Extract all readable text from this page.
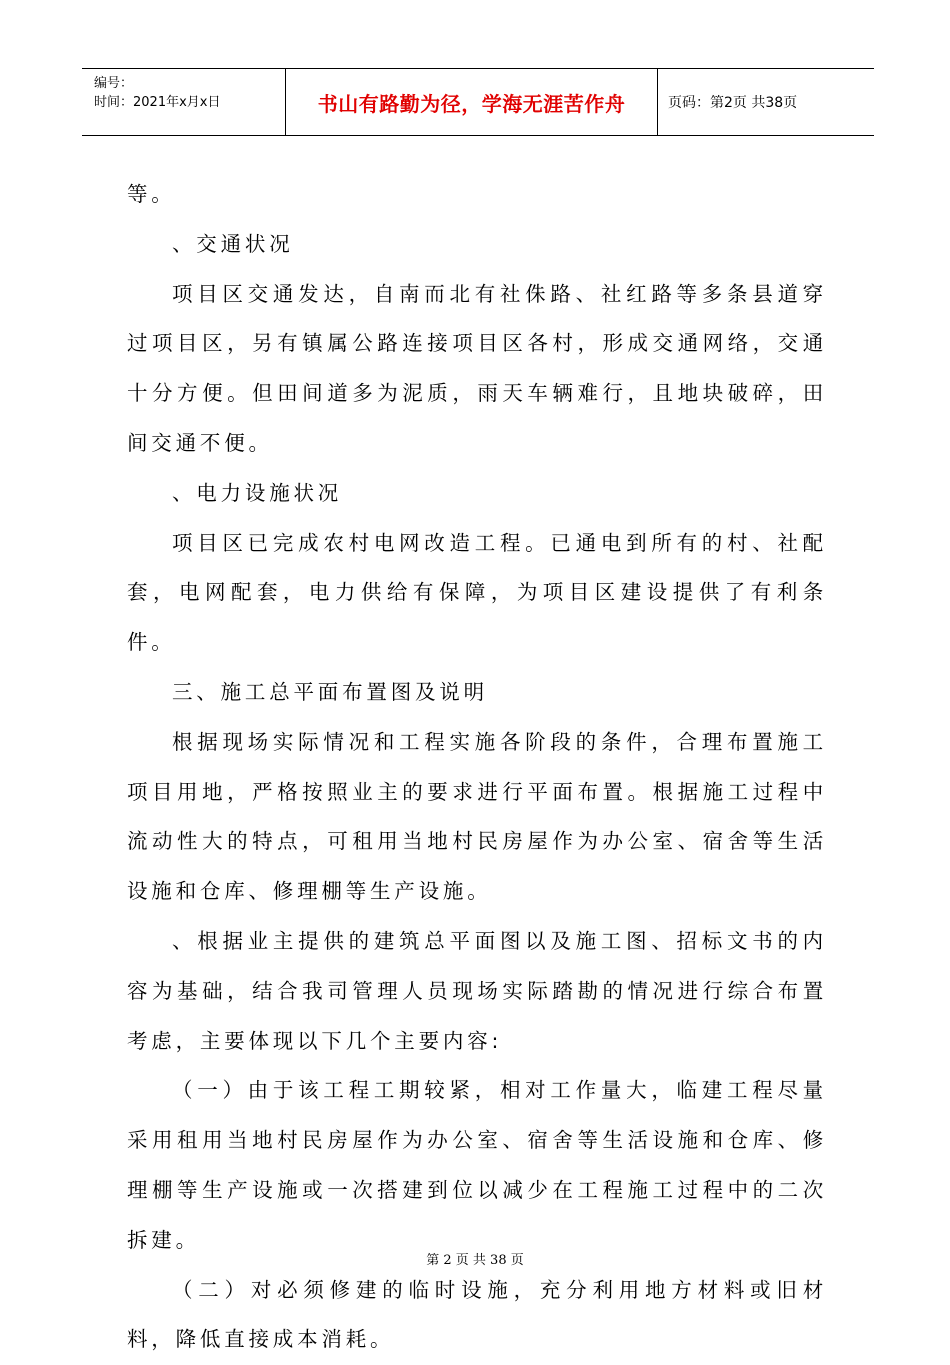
编号：
时间：2021年x月x日	书山有路勤为径，学海无涯苦作舟	页码：第2页 共38页

等。

、交通状况

项目区交通发达，自南而北有社侏路、社红路等多条县道穿过项目区，另有镇属公路连接项目区各村，形成交通网络，交通十分方便。但田间道多为泥质，雨天车辆难行，且地块破碎，田间交通不便。

、电力设施状况

项目区已完成农村电网改造工程。已通电到所有的村、社配套，电网配套，电力供给有保障，为项目区建设提供了有利条件。

三、施工总平面布置图及说明

根据现场实际情况和工程实施各阶段的条件，合理布置施工项目用地，严格按照业主的要求进行平面布置。根据施工过程中流动性大的特点，可租用当地村民房屋作为办公室、宿舍等生活设施和仓库、修理棚等生产设施。

、根据业主提供的建筑总平面图以及施工图、招标文书的内容为基础，结合我司管理人员现场实际踏勘的情况进行综合布置考虑，主要体现以下几个主要内容:

（一）由于该工程工期较紧，相对工作量大，临建工程尽量采用租用当地村民房屋作为办公室、宿舍等生活设施和仓库、修理棚等生产设施或一次搭建到位以减少在工程施工过程中的二次拆建。

（二）对必须修建的临时设施，充分利用地方材料或旧材料，降低直接成本消耗。

第 2 页 共 38 页
